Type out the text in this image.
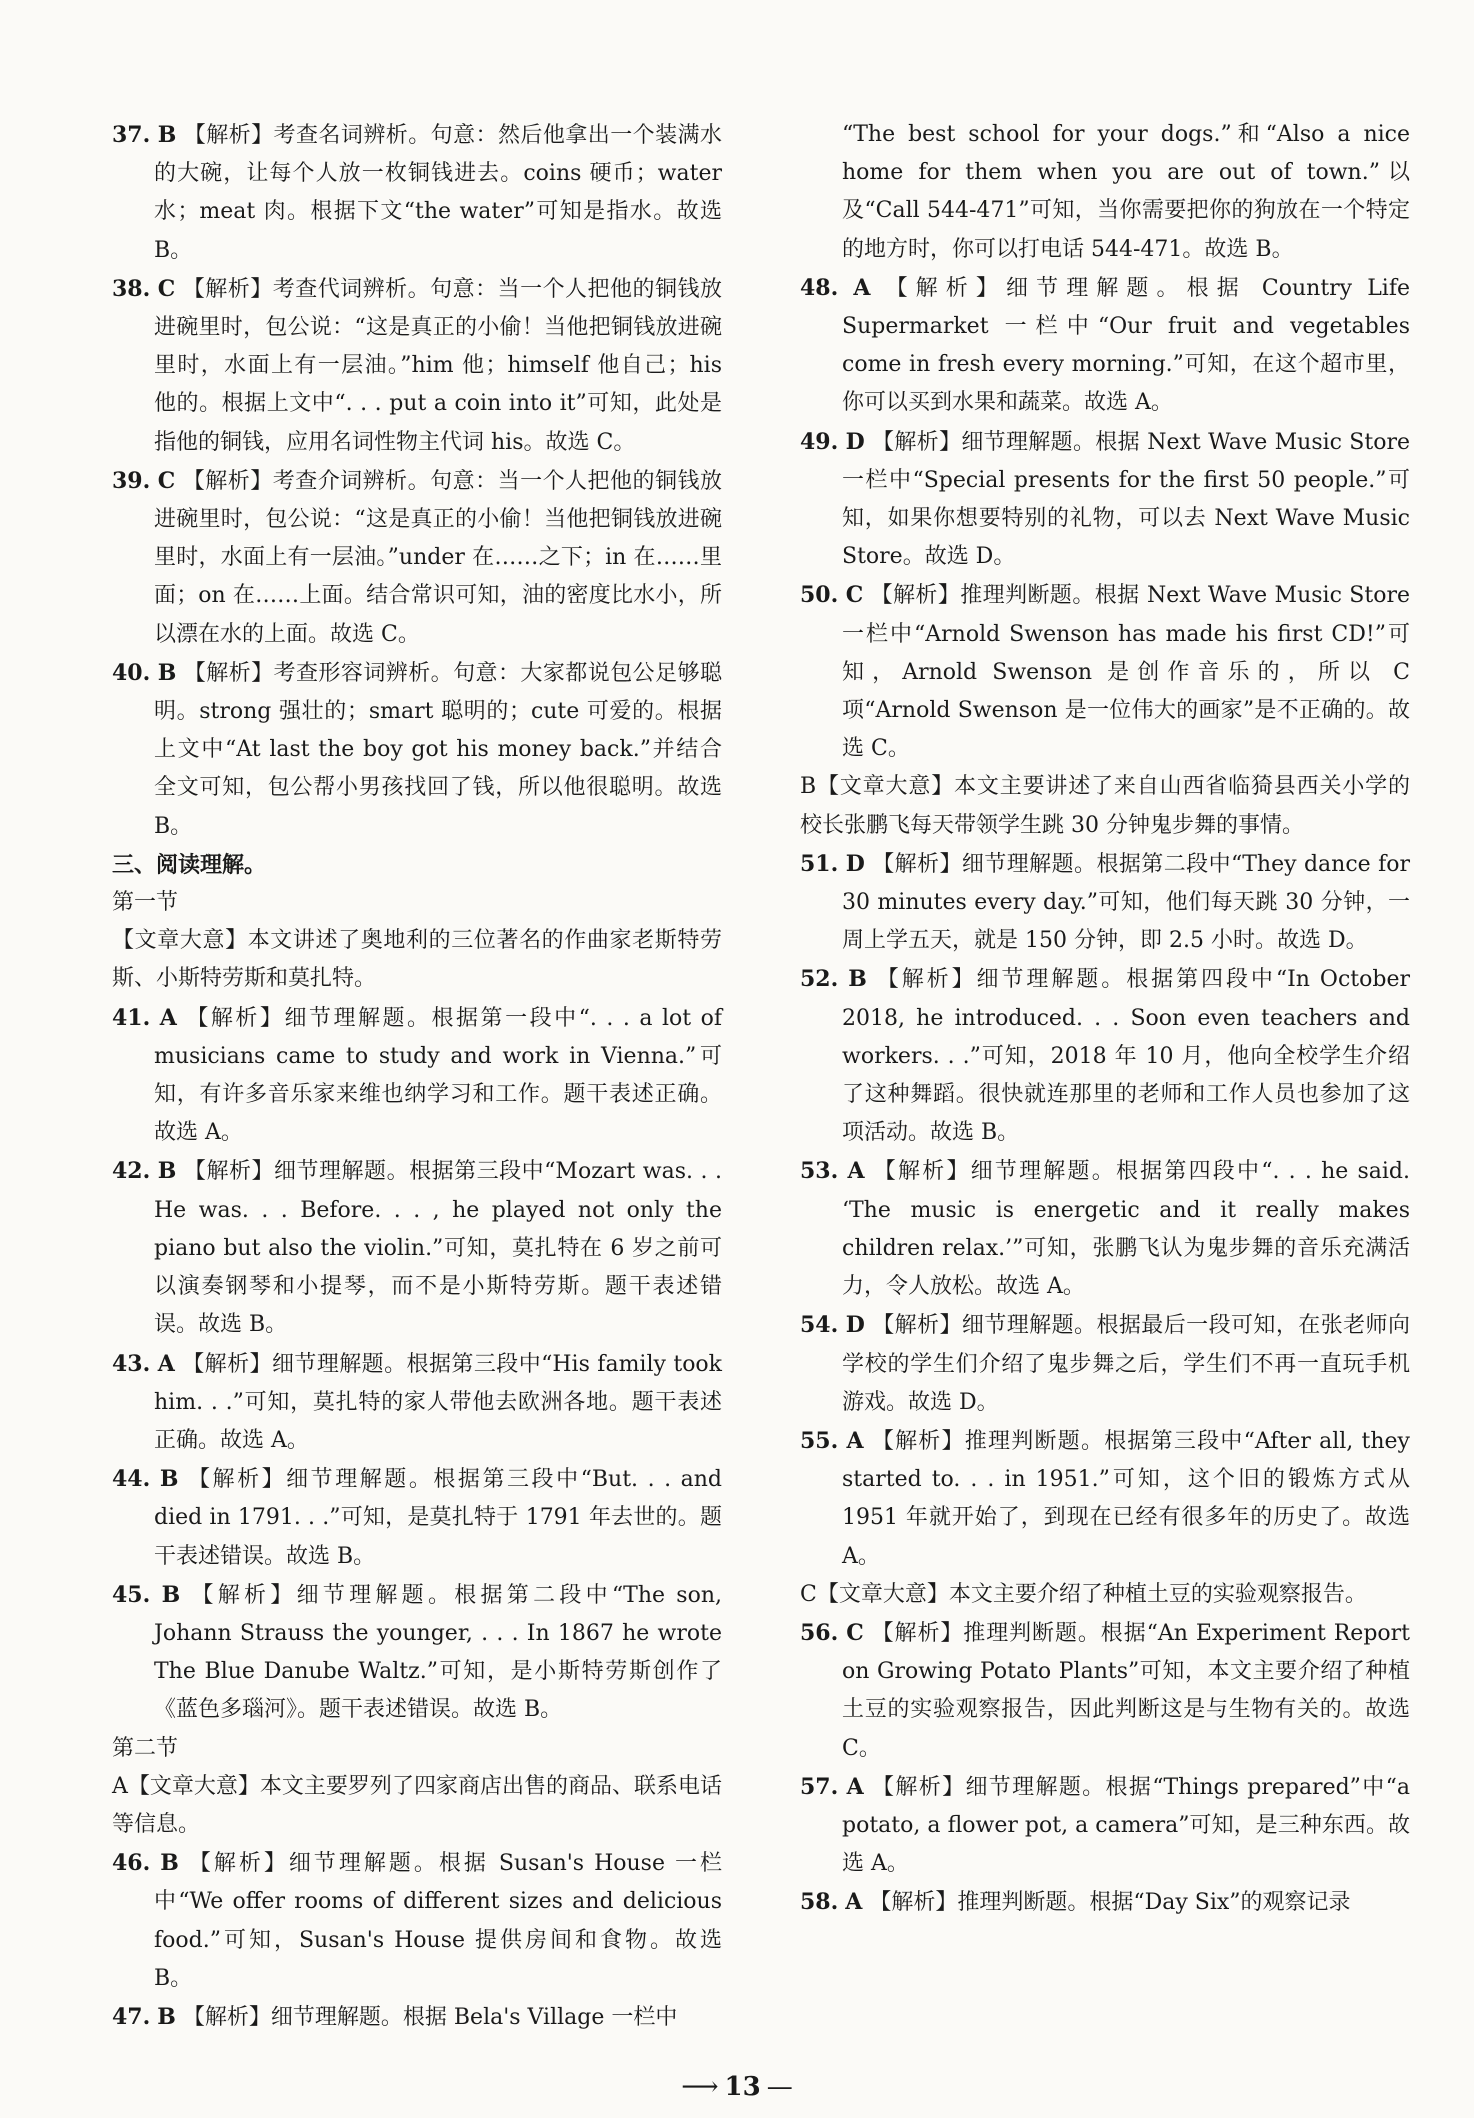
37. B 【解析】考查名词辨析。句意：然后他拿出一个装满水的大碗，让每个人放一枚铜钱进去。coins 硬币；water 水；meat 肉。根据下文“the water”可知是指水。故选 B。

38. C 【解析】考查代词辨析。句意：当一个人把他的铜钱放进碗里时，包公说：“这是真正的小偷！当他把铜钱放进碗里时，水面上有一层油。”him 他；himself 他自己；his 他的。根据上文中“. . . put a coin into it”可知，此处是指他的铜钱，应用名词性物主代词 his。故选 C。

39. C 【解析】考查介词辨析。句意：当一个人把他的铜钱放进碗里时，包公说：“这是真正的小偷！当他把铜钱放进碗里时，水面上有一层油。”under 在……之下；in 在……里面；on 在……上面。结合常识可知，油的密度比水小，所以漂在水的上面。故选 C。

40. B 【解析】考查形容词辨析。句意：大家都说包公足够聪明。strong 强壮的；smart 聪明的；cute 可爱的。根据上文中“At last the boy got his money back.”并结合全文可知，包公帮小男孩找回了钱，所以他很聪明。故选 B。

三、阅读理解。

第一节

【文章大意】本文讲述了奥地利的三位著名的作曲家老斯特劳斯、小斯特劳斯和莫扎特。

41. A 【解析】细节理解题。根据第一段中“. . . a lot of musicians came to study and work in Vienna.”可知，有许多音乐家来维也纳学习和工作。题干表述正确。故选 A。

42. B 【解析】细节理解题。根据第三段中“Mozart was. . . He was. . . Before. . . , he played not only the piano but also the violin.”可知，莫扎特在 6 岁之前可以演奏钢琴和小提琴，而不是小斯特劳斯。题干表述错误。故选 B。

43. A 【解析】细节理解题。根据第三段中“His family took him. . .”可知，莫扎特的家人带他去欧洲各地。题干表述正确。故选 A。

44. B 【解析】细节理解题。根据第三段中“But. . . and died in 1791. . .”可知，是莫扎特于 1791 年去世的。题干表述错误。故选 B。

45. B 【解析】细节理解题。根据第二段中“The son, Johann Strauss the younger, . . . In 1867 he wrote The Blue Danube Waltz.”可知，是小斯特劳斯创作了《蓝色多瑙河》。题干表述错误。故选 B。

第二节

A【文章大意】本文主要罗列了四家商店出售的商品、联系电话等信息。

46. B 【解析】细节理解题。根据 Susan's House 一栏中“We offer rooms of different sizes and delicious food.”可知，Susan's House 提供房间和食物。故选 B。

47. B 【解析】细节理解题。根据 Bela's Village 一栏中

“The best school for your dogs.”和“Also a nice home for them when you are out of town.”以及“Call 544-471”可知，当你需要把你的狗放在一个特定的地方时，你可以打电话 544-471。故选 B。

48. A 【解析】细节理解题。根据 Country Life Supermarket 一栏中“Our fruit and vegetables come in fresh every morning.”可知，在这个超市里，你可以买到水果和蔬菜。故选 A。

49. D 【解析】细节理解题。根据 Next Wave Music Store 一栏中“Special presents for the first 50 people.”可知，如果你想要特别的礼物，可以去 Next Wave Music Store。故选 D。

50. C 【解析】推理判断题。根据 Next Wave Music Store 一栏中“Arnold Swenson has made his first CD!”可知，Arnold Swenson 是创作音乐的，所以 C 项“Arnold Swenson 是一位伟大的画家”是不正确的。故选 C。

B【文章大意】本文主要讲述了来自山西省临猗县西关小学的校长张鹏飞每天带领学生跳 30 分钟鬼步舞的事情。

51. D 【解析】细节理解题。根据第二段中“They dance for 30 minutes every day.”可知，他们每天跳 30 分钟，一周上学五天，就是 150 分钟，即 2.5 小时。故选 D。

52. B 【解析】细节理解题。根据第四段中“In October 2018, he introduced. . . Soon even teachers and workers. . .”可知，2018 年 10 月，他向全校学生介绍了这种舞蹈。很快就连那里的老师和工作人员也参加了这项活动。故选 B。

53. A 【解析】细节理解题。根据第四段中“. . . he said. ‘The music is energetic and it really makes children relax.’”可知，张鹏飞认为鬼步舞的音乐充满活力，令人放松。故选 A。

54. D 【解析】细节理解题。根据最后一段可知，在张老师向学校的学生们介绍了鬼步舞之后，学生们不再一直玩手机游戏。故选 D。

55. A 【解析】推理判断题。根据第三段中“After all, they started to. . . in 1951.”可知，这个旧的锻炼方式从 1951 年就开始了，到现在已经有很多年的历史了。故选 A。

C【文章大意】本文主要介绍了种植土豆的实验观察报告。

56. C 【解析】推理判断题。根据“An Experiment Report on Growing Potato Plants”可知，本文主要介绍了种植土豆的实验观察报告，因此判断这是与生物有关的。故选 C。

57. A 【解析】细节理解题。根据“Things prepared”中“a potato, a flower pot, a camera”可知，是三种东西。故选 A。

58. A 【解析】推理判断题。根据“Day Six”的观察记录

⟶ 13 —
